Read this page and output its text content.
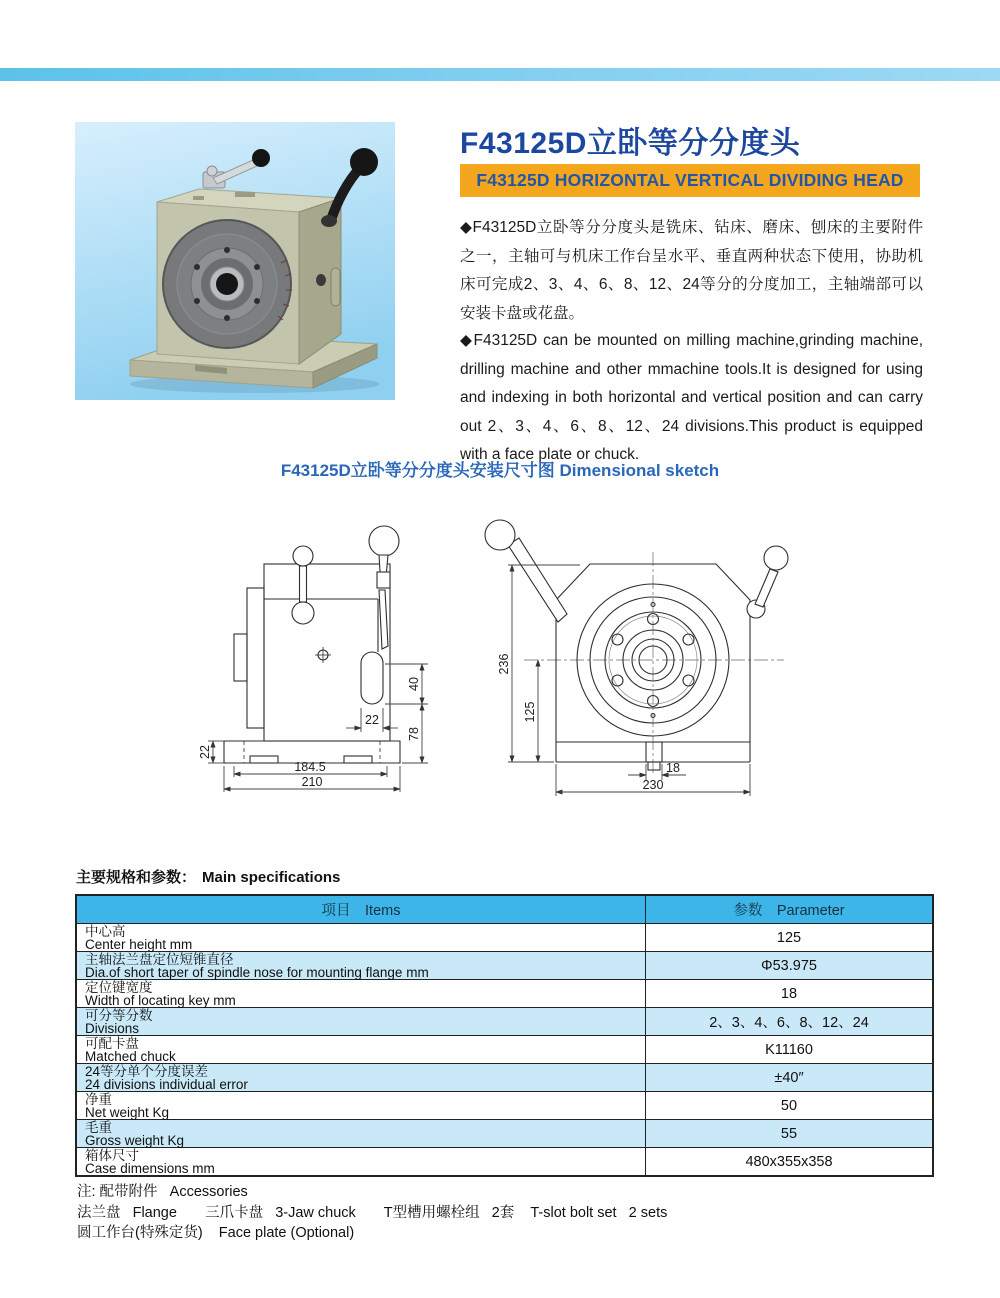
F43125D立卧等分分度头
F43125D HORIZONTAL VERTICAL DIVIDING HEAD

◆F43125D立卧等分分度头是铣床、钻床、磨床、刨床的主要附件之一，主轴可与机床工作台呈水平、垂直两种状态下使用，协助机床可完成2、3、4、6、8、12、24等分的分度加工，主轴端部可以安装卡盘或花盘。

◆F43125D can be mounted on milling machine,grinding machine, drilling machine and other mmachine tools.It is designed for using and indexing in both horizontal and vertical position and can carry out 2、3、4、6、8、12、24 divisions.This product is equipped with a face plate or chuck.

F43125D立卧等分分度头安装尺寸图 Dimensional sketch
40
78
22
22
184.5
210
236
125
18
230
主要规格和参数： Main specifications
项目　Items	参数　Parameter
中心高
Center height mm	125
主轴法兰盘定位短锥直径
Dia.of short taper of spindle nose for mounting flange mm	Φ53.975
定位键宽度
Width of locating key mm	18
可分等分数
Divisions	2、3、4、6、8、12、24
可配卡盘
Matched chuck	K11160
24等分单个分度误差
24 divisions individual error	±40″
净重
Net weight Kg	50
毛重
Gross weight Kg	55
箱体尺寸
Case dimensions mm	480x355x358
注: 配带附件   Accessories
法兰盘   Flange       三爪卡盘   3-Jaw chuck       T型槽用螺栓组   2套    T-slot bolt set   2 sets
圆工作台(特殊定货)    Face plate (Optional)
